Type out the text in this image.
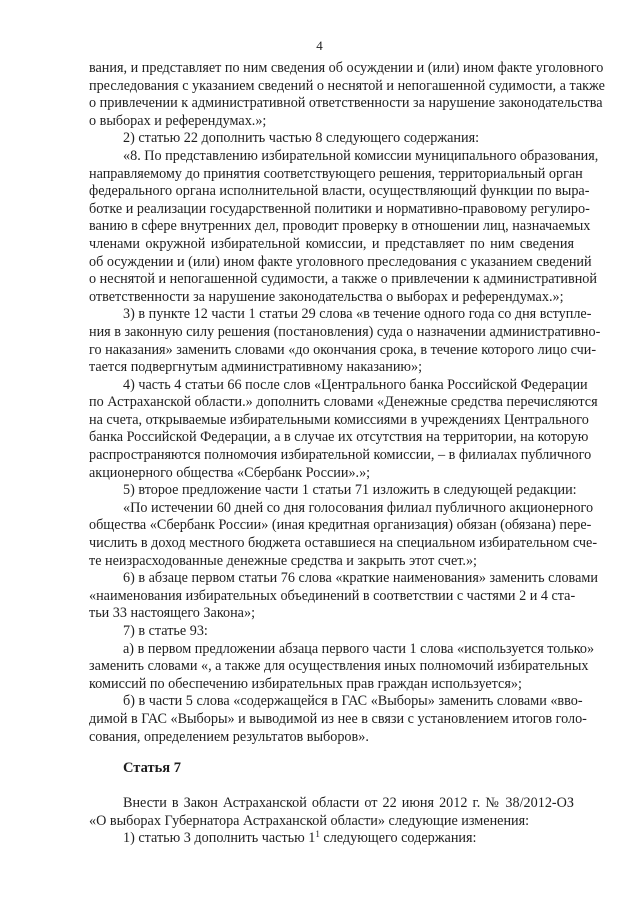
4
вания, и представляет по ним сведения об осуждении и (или) ином факте уголовного
преследования с указанием сведений о неснятой и непогашенной судимости, а также
о привлечении к административной ответственности за нарушение законодательства
о выборах и референдумах.»;
2) статью 22 дополнить частью 8 следующего содержания:
«8. По представлению избирательной комиссии муниципального образования,
направляемому до принятия соответствующего решения, территориальный орган
федерального органа исполнительной власти, осуществляющий функции по выра-
ботке и реализации государственной политики и нормативно-правовому регулиро-
ванию в сфере внутренних дел, проводит проверку в отношении лиц, назначаемых
членами окружной избирательной комиссии, и представляет по ним сведения
об осуждении и (или) ином факте уголовного преследования с указанием сведений
о неснятой и непогашенной судимости, а также о привлечении к административной
ответственности за нарушение законодательства о выборах и референдумах.»;
3) в пункте 12 части 1 статьи 29 слова «в течение одного года со дня вступле-
ния в законную силу решения (постановления) суда о назначении административно-
го наказания» заменить словами «до окончания срока, в течение которого лицо счи-
тается подвергнутым административному наказанию»;
4) часть 4 статьи 66 после слов «Центрального банка Российской Федерации
по Астраханской области.» дополнить словами «Денежные средства перечисляются
на счета, открываемые избирательными комиссиями в учреждениях Центрального
банка Российской Федерации, а в случае их отсутствия на территории, на которую
распространяются полномочия избирательной комиссии, – в филиалах публичного
акционерного общества «Сбербанк России».»;
5) второе предложение части 1 статьи 71 изложить в следующей редакции:
«По истечении 60 дней со дня голосования филиал публичного акционерного
общества «Сбербанк России» (иная кредитная организация) обязан (обязана) пере-
числить в доход местного бюджета оставшиеся на специальном избирательном сче-
те неизрасходованные денежные средства и закрыть этот счет.»;
6) в абзаце первом статьи 76 слова «краткие наименования» заменить словами
«наименования избирательных объединений в соответствии с частями 2 и 4 ста-
тьи 33 настоящего Закона»;
7) в статье 93:
а) в первом предложении абзаца первого части 1 слова «используется только»
заменить словами «, а также для осуществления иных полномочий избирательных
комиссий по обеспечению избирательных прав граждан используется»;
б) в части 5 слова «содержащейся в ГАС «Выборы» заменить словами «вво-
димой в ГАС «Выборы» и выводимой из нее в связи с установлением итогов голо-
сования, определением результатов выборов».
Статья 7
Внести в Закон Астраханской области от 22 июня 2012 г. № 38/2012-ОЗ
«О выборах Губернатора Астраханской области» следующие изменения:
1) статью 3 дополнить частью $1^1$ следующего содержания:
